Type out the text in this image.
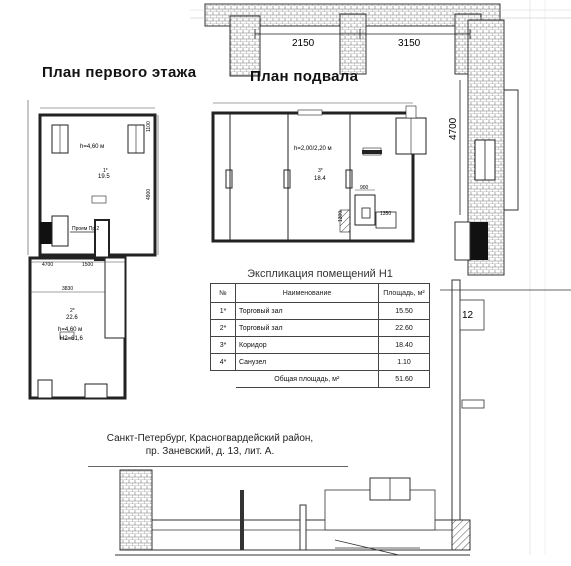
2150	3150
4700
h=4,60 м
1*
19.5
4900
1100
Проем Пр.2
4700	1500
3830
2*
22.6
h=4,60 м
H2=61,6
h=2,00/2,20 м
3*
18.4
900
1300	1350
12
План первого этажа	План подвала
Экспликация помещений Н1
№	Наименование	Площадь, м²
1*	Торговый зал	15.50
2*	Торговый зал	22.60
3*	Коридор	18.40
4*	Санузел	1.10
	Общая площадь, м²	51.60
Санкт-Петербург, Красногвардейский район,
пр. Заневский, д. 13, лит. А.
